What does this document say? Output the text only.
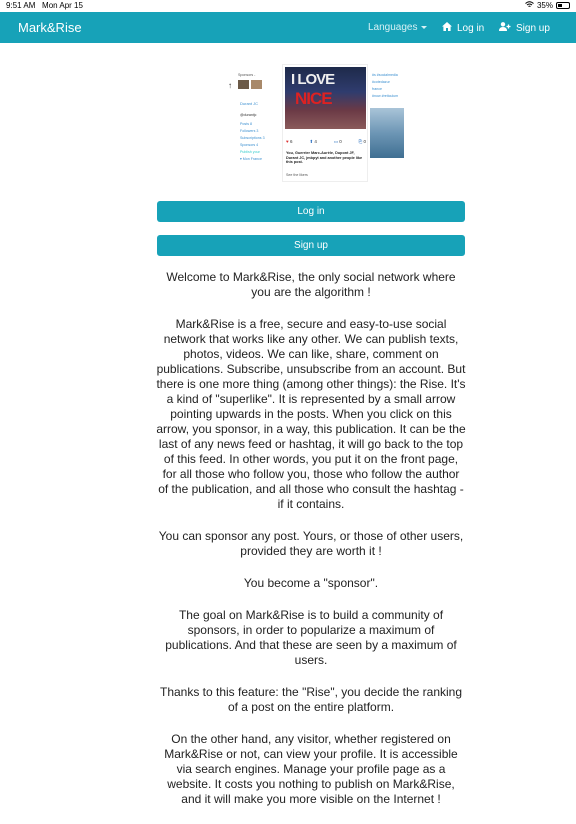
9:51 AM Mon Apr 15	35%
Mark&Rise	Languages	Log in	Sign up
Sponsors -
↑
Durant JC
@durantjc
Posts 8
Followers 3
Subscriptions 3
Sponsors 4
Publish your
▾ Mon France
I LOVE
NICE
♥ 6	⬆ 4	▭ 0	⎘ 0
You, Guerrier Marc-Aurèle, Dupont JF, Durant JC, jmbpyt and another people like this post.
See the likers
#s #socialmedia
#cotedazur
france
#now #reticulum
Log in
Sign up

Welcome to Mark&Rise, the only social network where you are the algorithm !

Mark&Rise is a free, secure and easy-to-use social network that works like any other. We can publish texts, photos, videos. We can like, share, comment on publications. Subscribe, unsubscribe from an account. But there is one more thing (among other things): the Rise. It's a kind of "superlike". It is represented by a small arrow pointing upwards in the posts. When you click on this arrow, you sponsor, in a way, this publication. It can be the last of any news feed or hashtag, it will go back to the top of this feed. In other words, you put it on the front page, for all those who follow you, those who follow the author of the publication, and all those who consult the hashtag - if it contains.

You can sponsor any post. Yours, or those of other users, provided they are worth it !

You become a "sponsor".

The goal on Mark&Rise is to build a community of sponsors, in order to popularize a maximum of publications. And that these are seen by a maximum of users.

Thanks to this feature: the "Rise", you decide the ranking of a post on the entire platform.

On the other hand, any visitor, whether registered on Mark&Rise or not, can view your profile. It is accessible via search engines. Manage your profile page as a website. It costs you nothing to publish on Mark&Rise, and it will make you more visible on the Internet !
